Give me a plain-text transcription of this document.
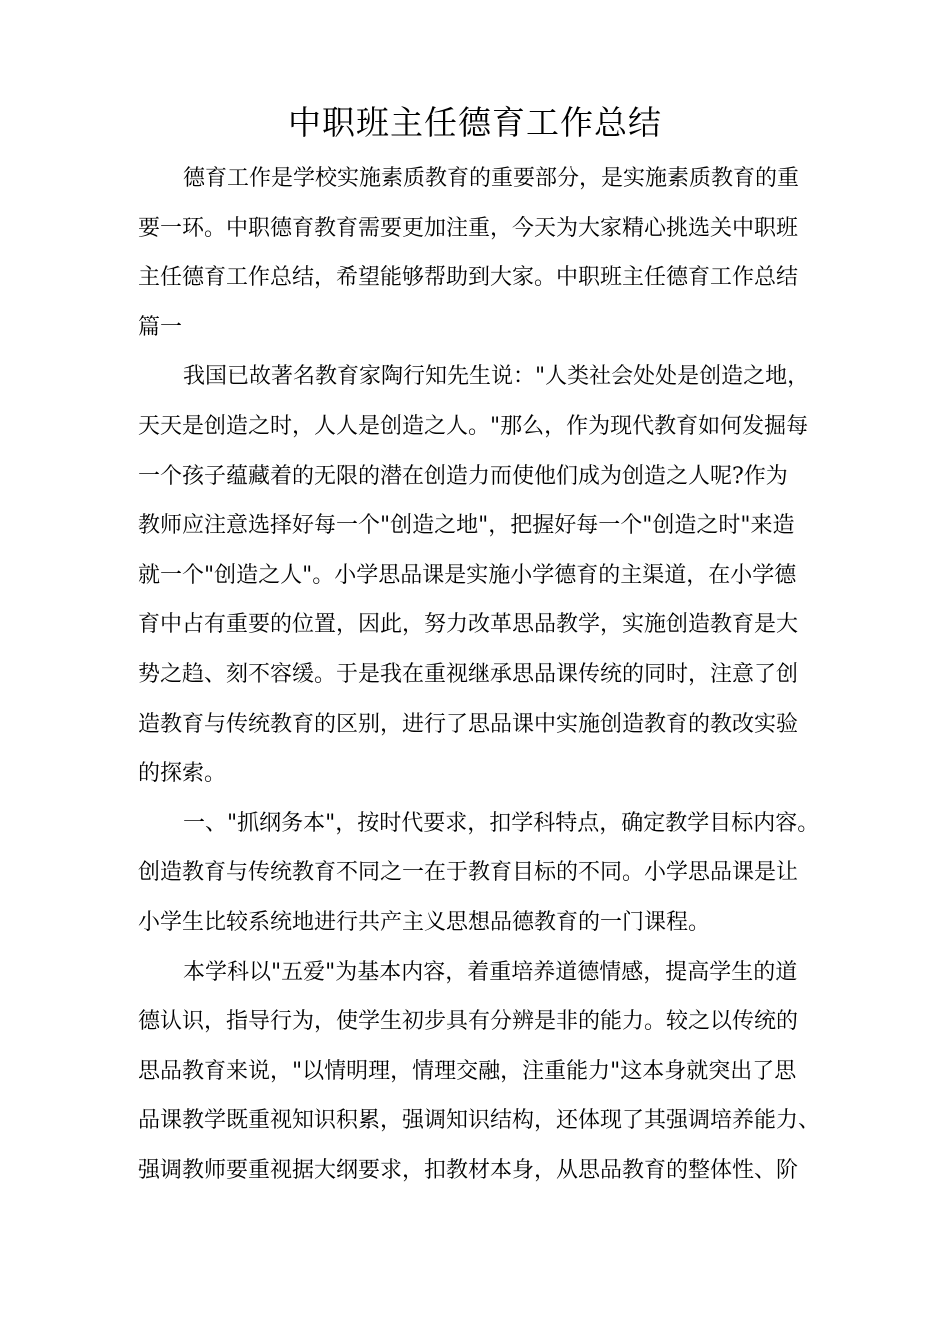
中职班主任德育工作总结
德育工作是学校实施素质教育的重要部分，是实施素质教育的重
要一环。中职德育教育需要更加注重，今天为大家精心挑选关中职班
主任德育工作总结，希望能够帮助到大家。中职班主任德育工作总结
篇一
我国已故著名教育家陶行知先生说："人类社会处处是创造之地，
天天是创造之时，人人是创造之人。"那么，作为现代教育如何发掘每
一个孩子蕴藏着的无限的潜在创造力而使他们成为创造之人呢?作为
教师应注意选择好每一个"创造之地"，把握好每一个"创造之时"来造
就一个"创造之人"。小学思品课是实施小学德育的主渠道，在小学德
育中占有重要的位置，因此，努力改革思品教学，实施创造教育是大
势之趋、刻不容缓。于是我在重视继承思品课传统的同时，注意了创
造教育与传统教育的区别，进行了思品课中实施创造教育的教改实验
的探索。
一、"抓纲务本"，按时代要求，扣学科特点，确定教学目标内容。
创造教育与传统教育不同之一在于教育目标的不同。小学思品课是让
小学生比较系统地进行共产主义思想品德教育的一门课程。
本学科以"五爱"为基本内容，着重培养道德情感，提高学生的道
德认识，指导行为，使学生初步具有分辨是非的能力。较之以传统的
思品教育来说，"以情明理，情理交融，注重能力"这本身就突出了思
品课教学既重视知识积累，强调知识结构，还体现了其强调培养能力、
强调教师要重视据大纲要求，扣教材本身，从思品教育的整体性、阶
